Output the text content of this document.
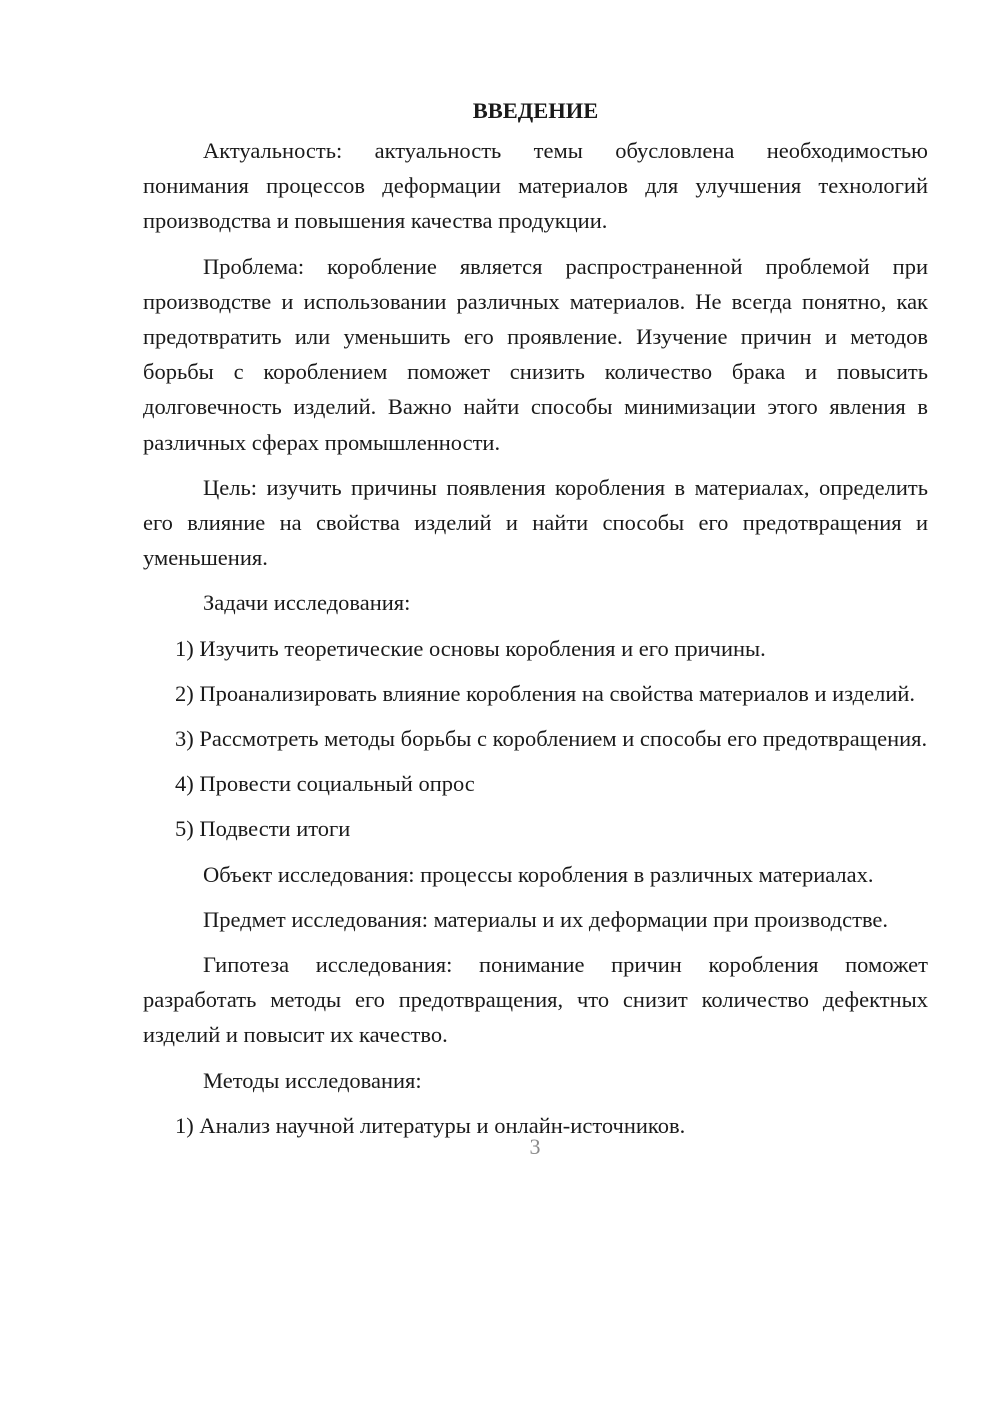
ВВЕДЕНИЕ

Актуальность: актуальность темы обусловлена необходимостью понимания процессов деформации материалов для улучшения технологий производства и повышения качества продукции.

Проблема: коробление является распространенной проблемой при производстве и использовании различных материалов. Не всегда понятно, как предотвратить или уменьшить его проявление. Изучение причин и методов борьбы с короблением поможет снизить количество брака и повысить долговечность изделий. Важно найти способы минимизации этого явления в различных сферах промышленности.

Цель: изучить причины появления коробления в материалах, определить его влияние на свойства изделий и найти способы его предотвращения и уменьшения.

Задачи исследования:

1) Изучить теоретические основы коробления и его причины.

2) Проанализировать влияние коробления на свойства материалов и изделий.

3) Рассмотреть методы борьбы с короблением и способы его предотвращения.

4) Провести социальный опрос

5) Подвести итоги

Объект исследования: процессы коробления в различных материалах.

Предмет исследования: материалы и их деформации при производстве.

Гипотеза исследования: понимание причин коробления поможет разработать методы его предотвращения, что снизит количество дефектных изделий и повысит их качество.

Методы исследования:

1) Анализ научной литературы и онлайн-источников.

3
